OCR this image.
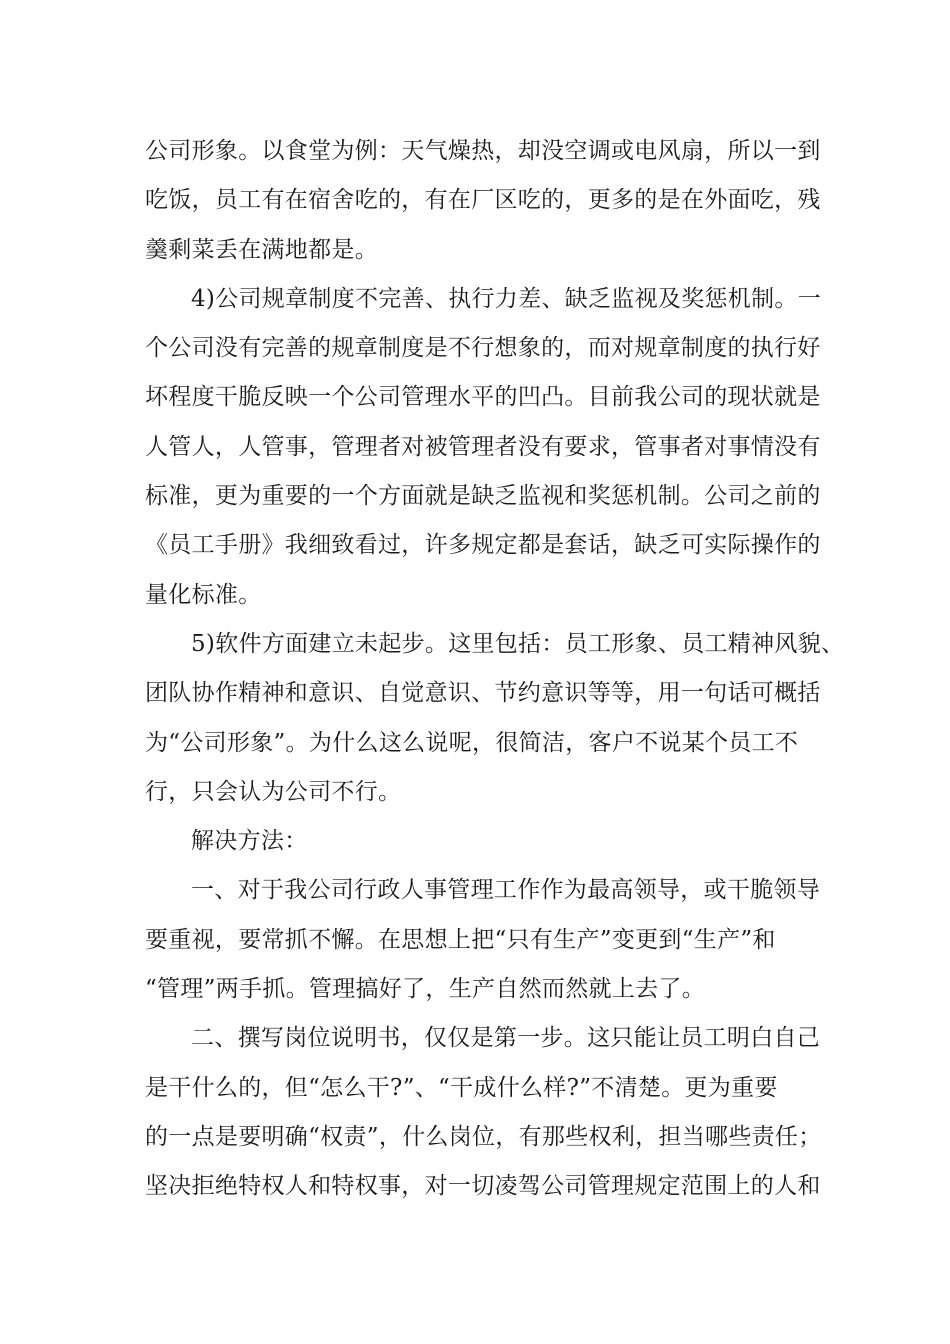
公司形象。以食堂为例：天气燥热，却没空调或电风扇，所以一到
吃饭，员工有在宿舍吃的，有在厂区吃的，更多的是在外面吃，残
羹剩菜丢在满地都是。
4)公司规章制度不完善、执行力差、缺乏监视及奖惩机制。一
个公司没有完善的规章制度是不行想象的，而对规章制度的执行好
坏程度干脆反映一个公司管理水平的凹凸。目前我公司的现状就是
人管人，人管事，管理者对被管理者没有要求，管事者对事情没有
标准，更为重要的一个方面就是缺乏监视和奖惩机制。公司之前的
《员工手册》我细致看过，许多规定都是套话，缺乏可实际操作的
量化标准。
5)软件方面建立未起步。这里包括：员工形象、员工精神风貌、
团队协作精神和意识、自觉意识、节约意识等等，用一句话可概括
为“公司形象”。为什么这么说呢，很简洁，客户不说某个员工不
行，只会认为公司不行。
解决方法：
一、对于我公司行政人事管理工作作为最高领导，或干脆领导
要重视，要常抓不懈。在思想上把“只有生产”变更到“生产”和
“管理”两手抓。管理搞好了，生产自然而然就上去了。
二、撰写岗位说明书，仅仅是第一步。这只能让员工明白自己
是干什么的，但“怎么干?”、“干成什么样?”不清楚。更为重要
的一点是要明确“权责”，什么岗位，有那些权利，担当哪些责任；
坚决拒绝特权人和特权事，对一切凌驾公司管理规定范围上的人和
